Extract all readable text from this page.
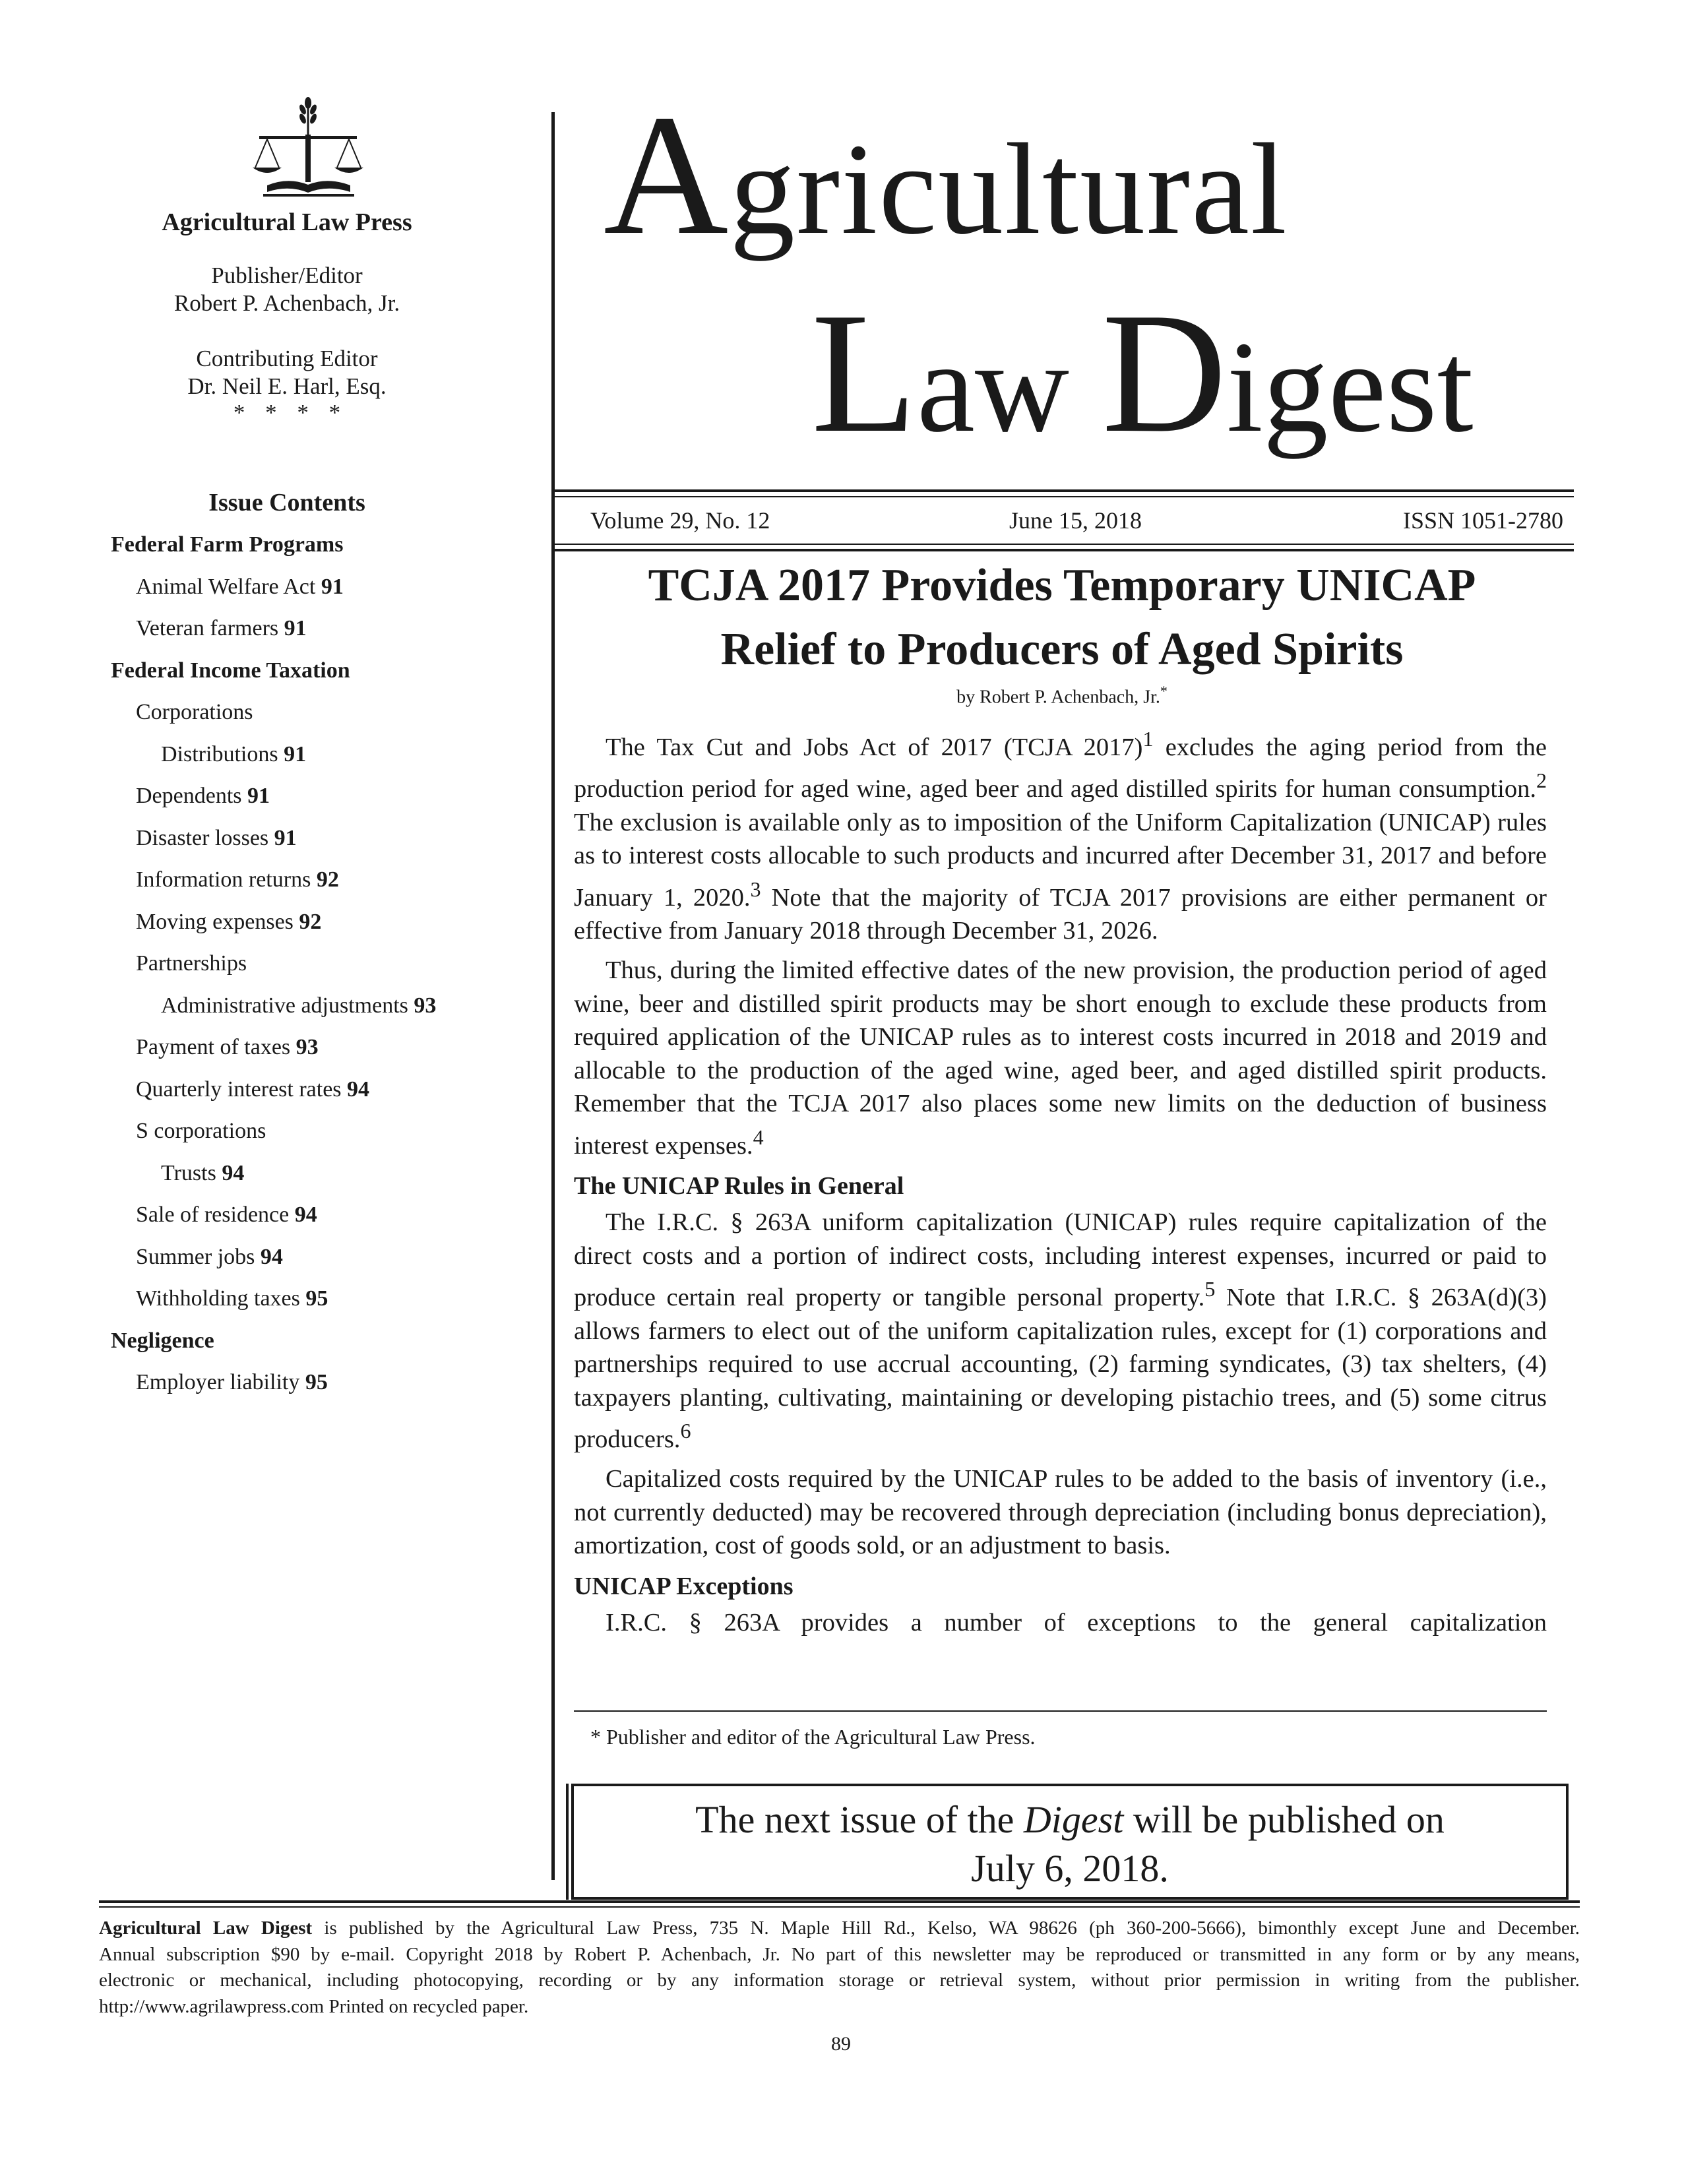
Agricultural Law Press
Publisher/Editor
Robert P. Achenbach, Jr.
Contributing Editor
Dr. Neil E. Harl, Esq.
* * * *
Issue Contents
Federal Farm Programs
Animal Welfare Act 91
Veteran farmers 91
Federal Income Taxation
Corporations
Distributions 91
Dependents 91
Disaster losses 91
Information returns 92
Moving expenses 92
Partnerships
Administrative adjustments 93
Payment of taxes 93
Quarterly interest rates 94
S corporations
Trusts 94
Sale of residence 94
Summer jobs 94
Withholding taxes 95
Negligence
Employer liability 95
Agricultural
Law Digest
Volume 29, No. 12	June 15, 2018	ISSN 1051-2780
TCJA 2017 Provides Temporary UNICAP
Relief to Producers of Aged Spirits
by Robert P. Achenbach, Jr.*

The Tax Cut and Jobs Act of 2017 (TCJA 2017)$^1$ excludes the aging period from the production period for aged wine, aged beer and aged distilled spirits for human consumption.$^2$ The exclusion is available only as to imposition of the Uniform Capitalization (UNICAP) rules as to interest costs allocable to such products and incurred after December 31, 2017 and before January 1, 2020.$^3$ Note that the majority of TCJA 2017 provisions are either permanent or effective from January 2018 through December 31, 2026.

Thus, during the limited effective dates of the new provision, the production period of aged wine, beer and distilled spirit products may be short enough to exclude these products from required application of the UNICAP rules as to interest costs incurred in 2018 and 2019 and allocable to the production of the aged wine, aged beer, and aged distilled spirit products. Remember that the TCJA 2017 also places some new limits on the deduction of business interest expenses.$^4$

The UNICAP Rules in General

The I.R.C. § 263A uniform capitalization (UNICAP) rules require capitalization of the direct costs and a portion of indirect costs, including interest expenses, incurred or paid to produce certain real property or tangible personal property.$^5$ Note that I.R.C. § 263A(d)(3) allows farmers to elect out of the uniform capitalization rules, except for (1) corporations and partnerships required to use accrual accounting, (2) farming syndicates, (3) tax shelters, (4) taxpayers planting, cultivating, maintaining or developing pistachio trees, and (5) some citrus producers.$^6$

Capitalized costs required by the UNICAP rules to be added to the basis of inventory (i.e., not currently deducted) may be recovered through depreciation (including bonus depreciation), amortization, cost of goods sold, or an adjustment to basis.

UNICAP Exceptions

I.R.C. § 263A provides a number of exceptions to the general capitalization

* Publisher and editor of the Agricultural Law Press.
The next issue of the Digest will be published on
July 6, 2018.
Agricultural Law Digest is published by the Agricultural Law Press, 735 N. Maple Hill Rd., Kelso, WA 98626 (ph 360-200-5666), bimonthly except June and December.
Annual subscription $90 by e-mail. Copyright 2018 by Robert P. Achenbach, Jr. No part of this newsletter may be reproduced or transmitted in any form or by any means,
electronic or mechanical, including photocopying, recording or by any information storage or retrieval system, without prior permission in writing from the publisher.
http://www.agrilawpress.com Printed on recycled paper.
89
